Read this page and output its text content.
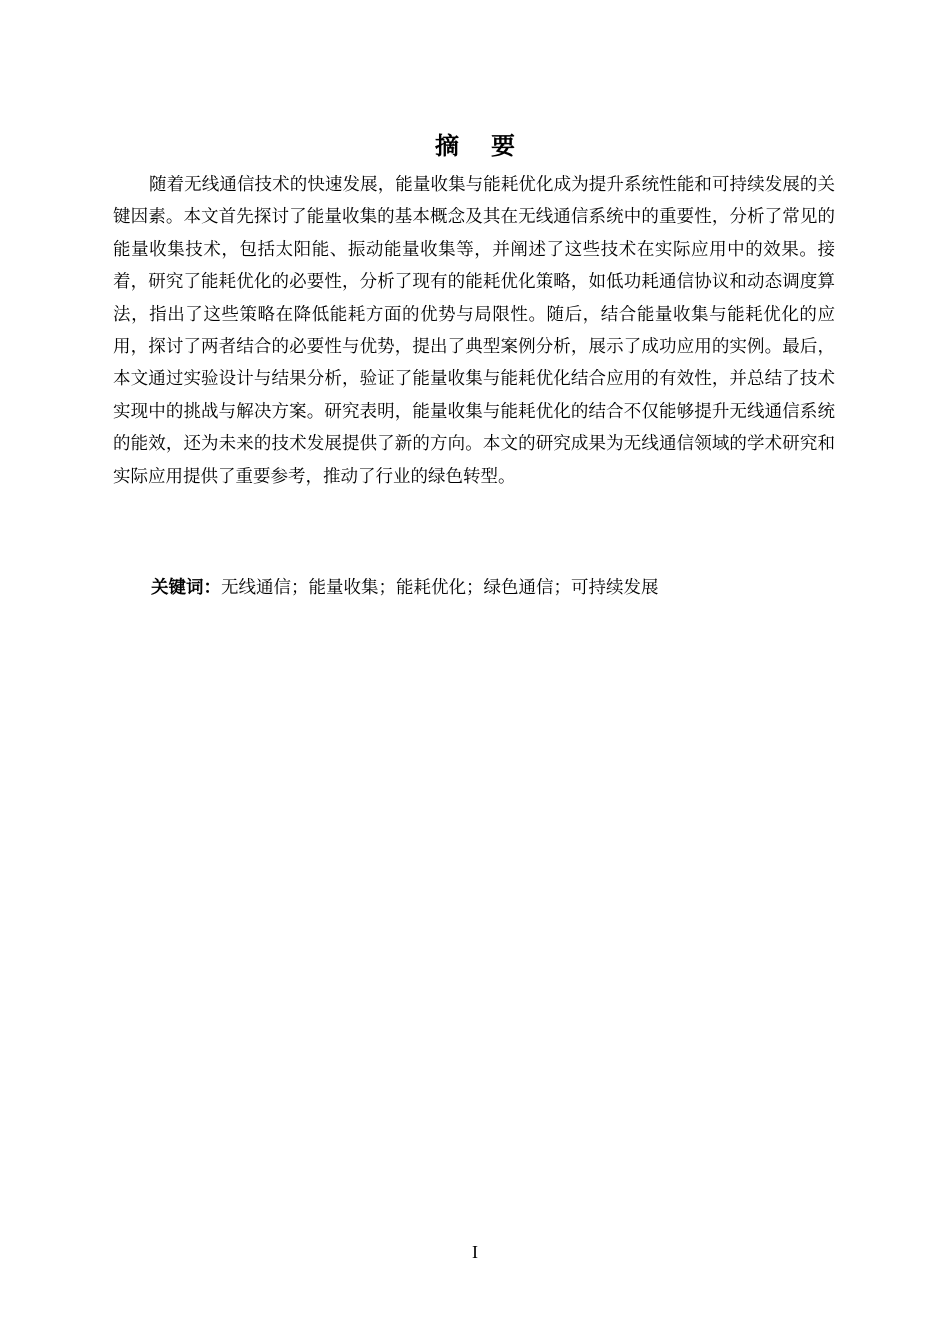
摘要

随着无线通信技术的快速发展，能量收集与能耗优化成为提升系统性能和可持续发展的关键因素。本文首先探讨了能量收集的基本概念及其在无线通信系统中的重要性，分析了常见的能量收集技术，包括太阳能、振动能量收集等，并阐述了这些技术在实际应用中的效果。接着，研究了能耗优化的必要性，分析了现有的能耗优化策略，如低功耗通信协议和动态调度算法，指出了这些策略在降低能耗方面的优势与局限性。随后，结合能量收集与能耗优化的应用，探讨了两者结合的必要性与优势，提出了典型案例分析，展示了成功应用的实例。最后，本文通过实验设计与结果分析，验证了能量收集与能耗优化结合应用的有效性，并总结了技术实现中的挑战与解决方案。研究表明，能量收集与能耗优化的结合不仅能够提升无线通信系统的能效，还为未来的技术发展提供了新的方向。本文的研究成果为无线通信领域的学术研究和实际应用提供了重要参考，推动了行业的绿色转型。

关键词：无线通信；能量收集；能耗优化；绿色通信；可持续发展
I
